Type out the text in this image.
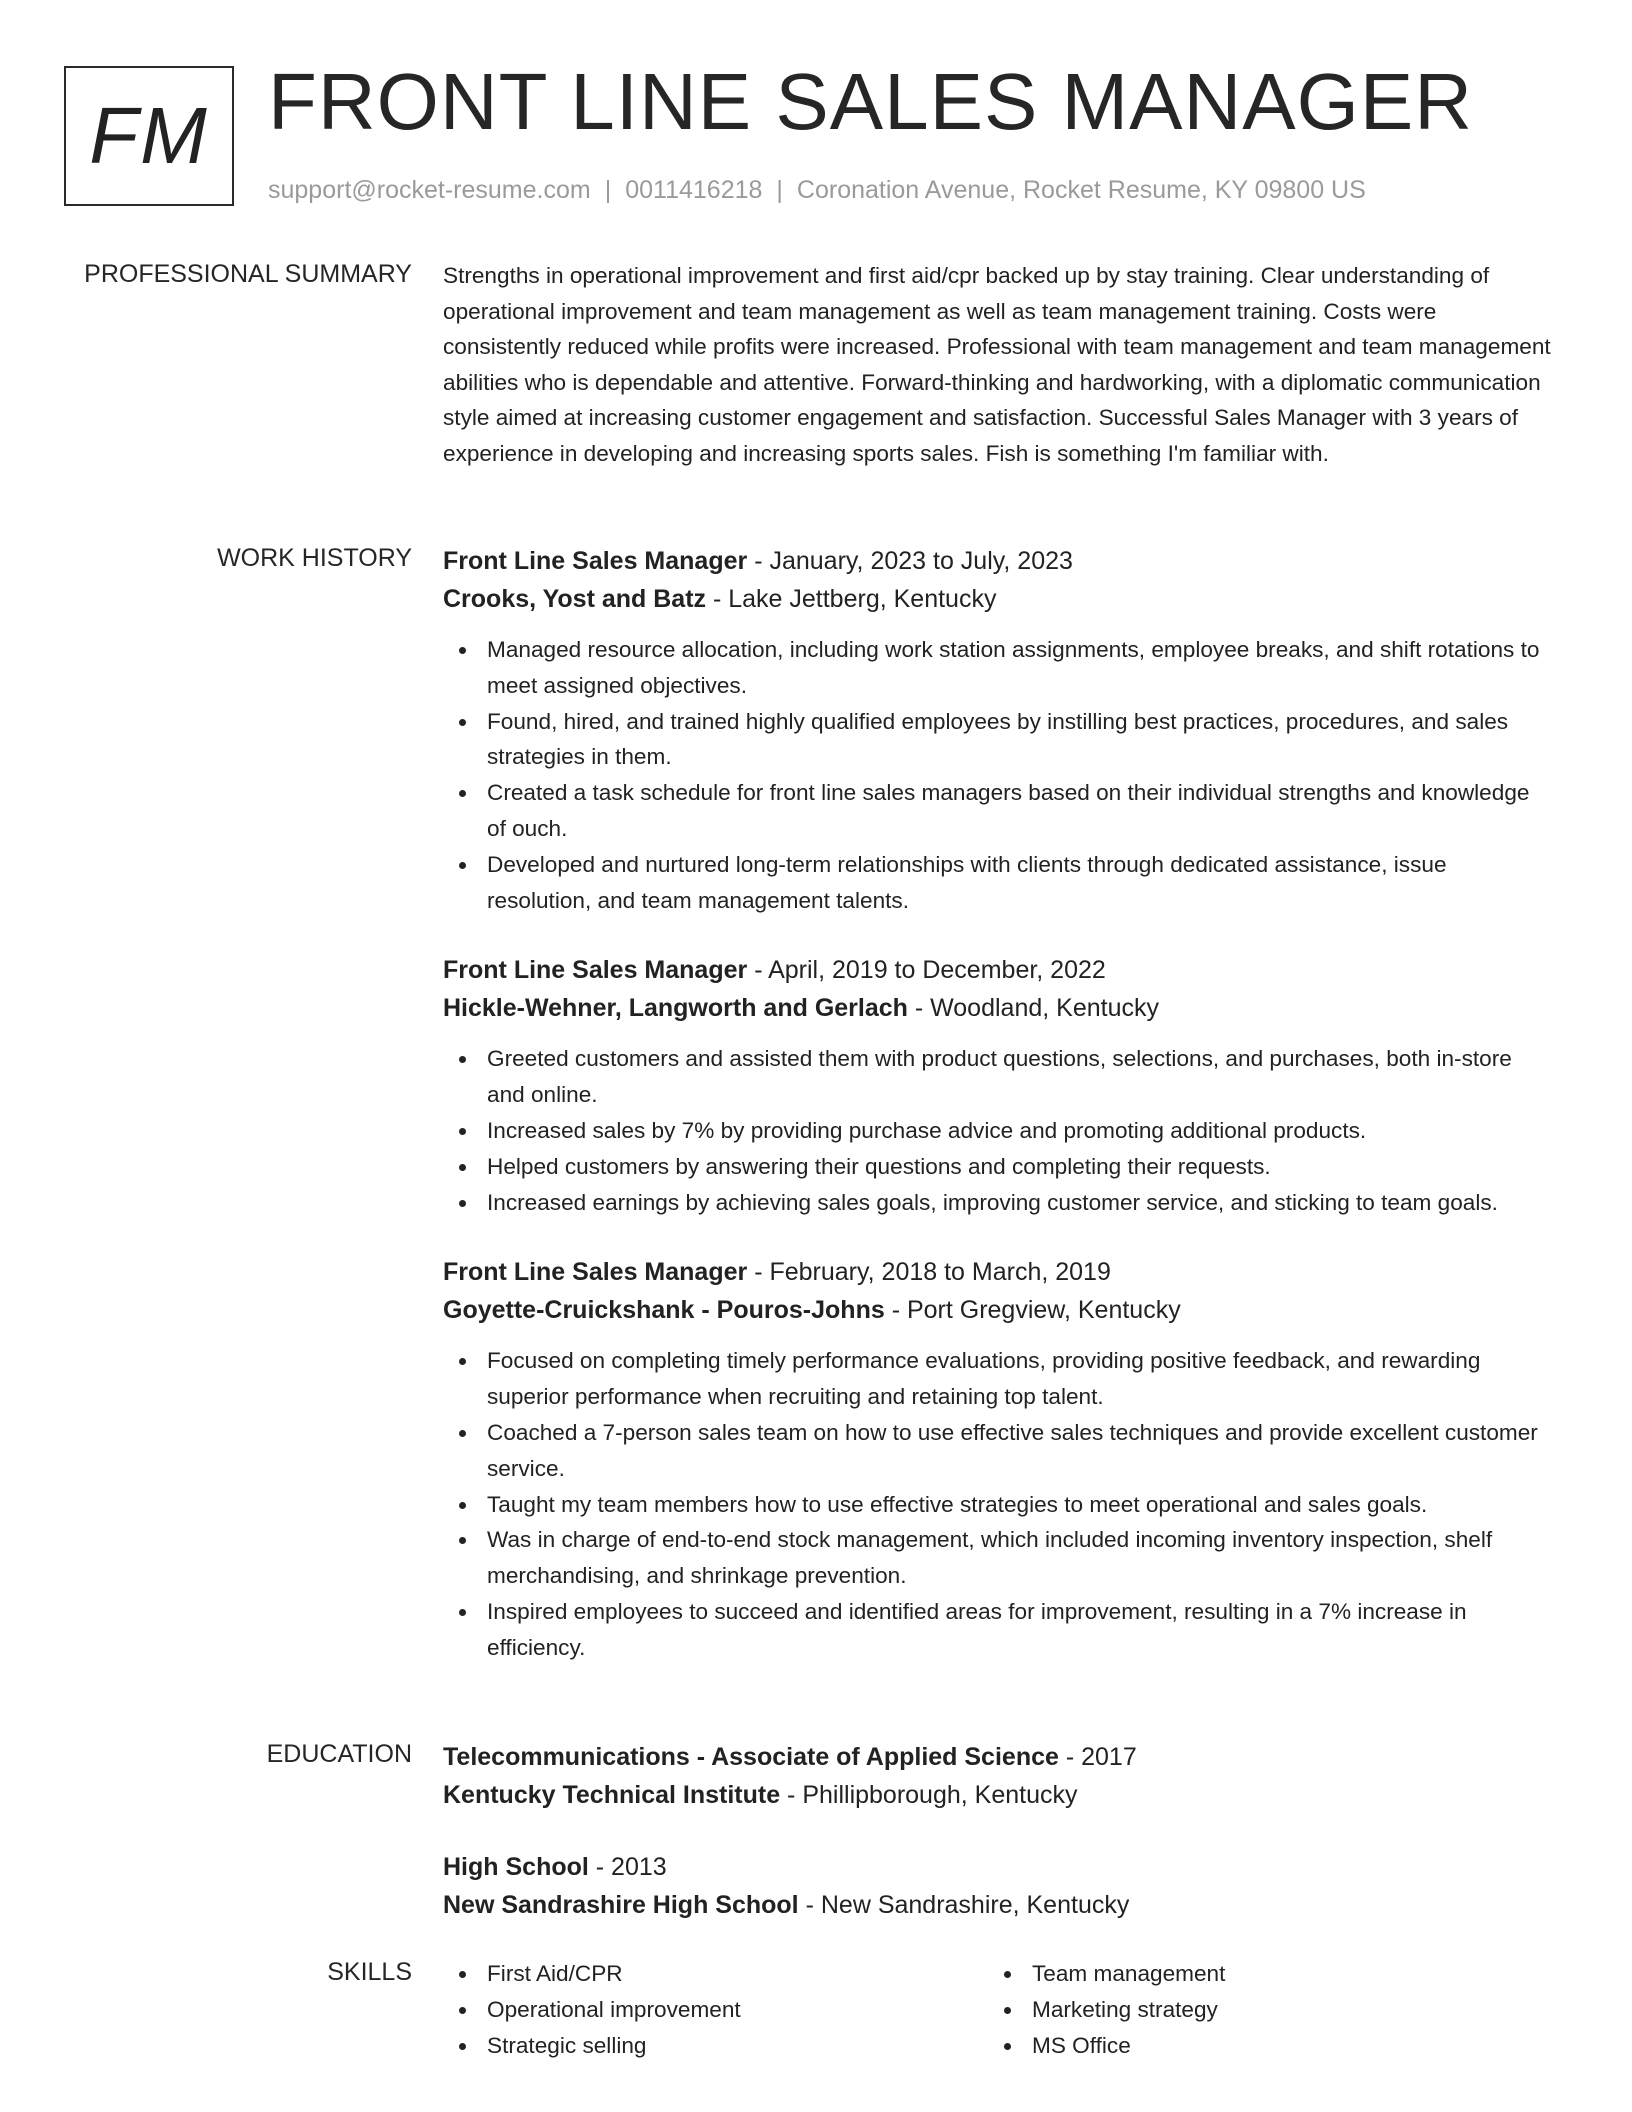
FM FRONT LINE SALES MANAGER
support@rocket-resume.com | 0011416218 | Coronation Avenue, Rocket Resume, KY 09800 US
PROFESSIONAL SUMMARY Strengths in operational improvement and first aid/cpr backed up by stay training. Clear understanding of operational improvement and team management as well as team management training. Costs were consistently reduced while profits were increased. Professional with team management and team management abilities who is dependable and attentive. Forward-thinking and hardworking, with a diplomatic communication style aimed at increasing customer engagement and satisfaction. Successful Sales Manager with 3 years of experience in developing and increasing sports sales. Fish is something I'm familiar with.

WORK HISTORY Front Line Sales Manager - January, 2023 to July, 2023
Crooks, Yost and Batz - Lake Jettberg, Kentucky
Managed resource allocation, including work station assignments, employee breaks, and shift rotations to meet assigned objectives.
Found, hired, and trained highly qualified employees by instilling best practices, procedures, and sales strategies in them.
Created a task schedule for front line sales managers based on their individual strengths and knowledge of ouch.
Developed and nurtured long-term relationships with clients through dedicated assistance, issue resolution, and team management talents.
Front Line Sales Manager - April, 2019 to December, 2022
Hickle-Wehner, Langworth and Gerlach - Woodland, Kentucky
Greeted customers and assisted them with product questions, selections, and purchases, both in-store and online.
Increased sales by 7% by providing purchase advice and promoting additional products.
Helped customers by answering their questions and completing their requests.
Increased earnings by achieving sales goals, improving customer service, and sticking to team goals.
Front Line Sales Manager - February, 2018 to March, 2019
Goyette-Cruickshank - Pouros-Johns - Port Gregview, Kentucky
Focused on completing timely performance evaluations, providing positive feedback, and rewarding superior performance when recruiting and retaining top talent.
Coached a 7-person sales team on how to use effective sales techniques and provide excellent customer service.
Taught my team members how to use effective strategies to meet operational and sales goals.
Was in charge of end-to-end stock management, which included incoming inventory inspection, shelf merchandising, and shrinkage prevention.
Inspired employees to succeed and identified areas for improvement, resulting in a 7% increase in efficiency.
EDUCATION Telecommunications - Associate of Applied Science - 2017
Kentucky Technical Institute - Phillipborough, Kentucky
High School - 2013
New Sandrashire High School - New Sandrashire, Kentucky
SKILLS	First Aid/CPR
Operational improvement
Strategic selling
Team management
Marketing strategy
MS Office
